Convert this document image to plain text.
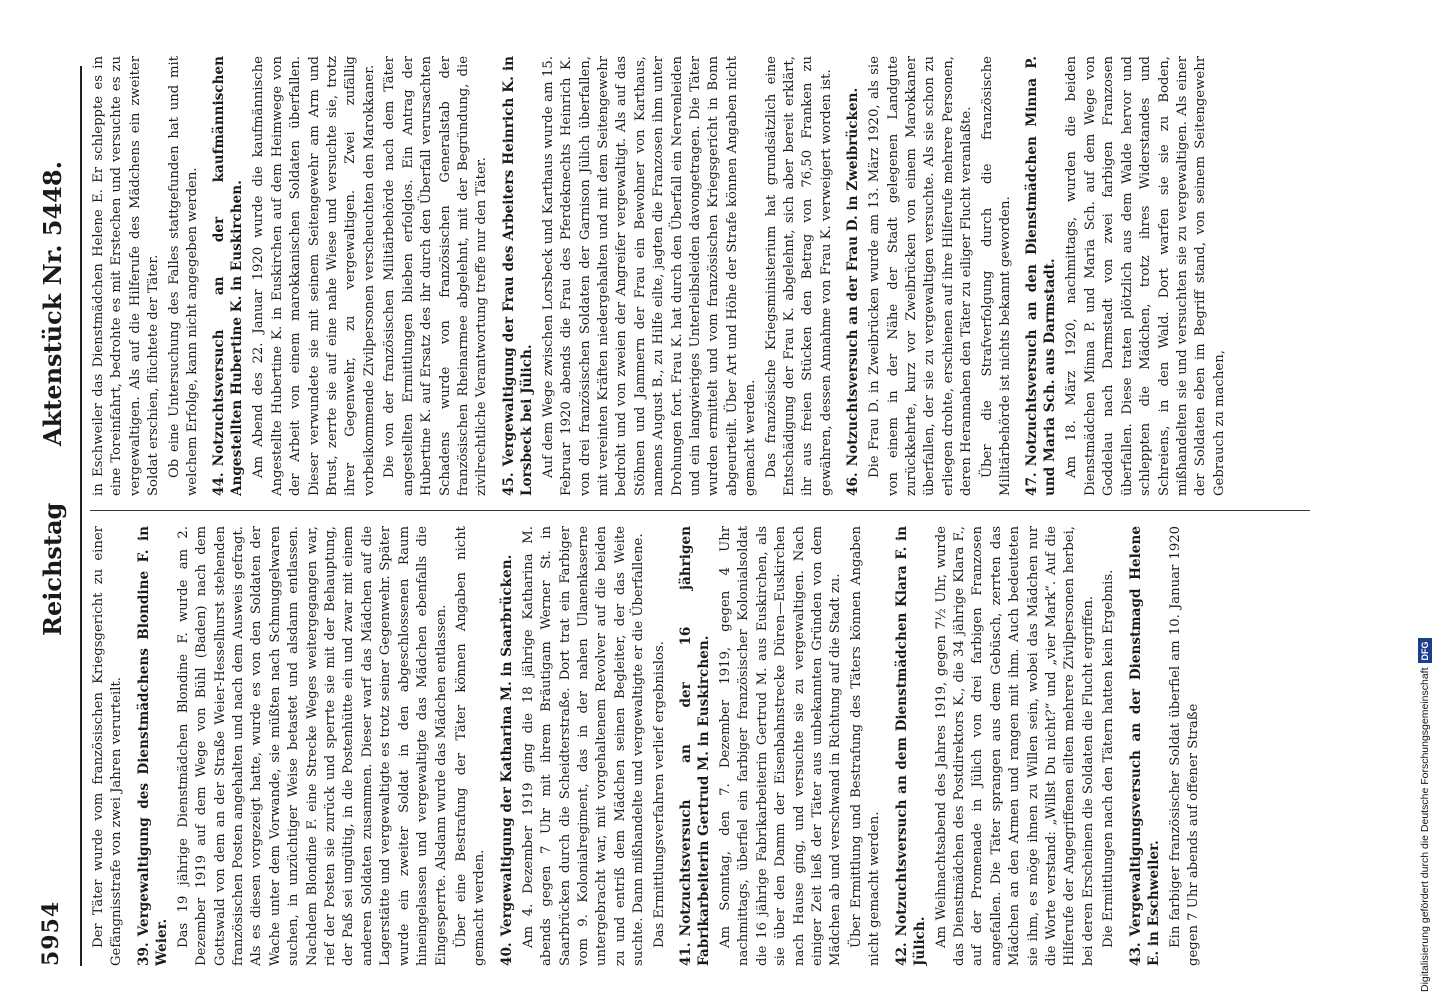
5954
Reichstag
Aktenstück Nr. 5448.

Der Täter wurde vom französischen Kriegsgericht zu einer Gefängnisstrafe von zwei Jahren verurteilt. 39.Vergewaltigung des Dienstmädchens Blondine F. in Weier. Das 19 jährige Dienstmädchen Blondine F. wurde am 2. Dezember 1919 auf dem Wege von Bühl (Baden) nach dem Gottswald von dem an der Straße Weier-Hesselhurst stehenden französischen Posten angehalten und nach dem Ausweis gefragt. Als es diesen vorgezeigt hatte, wurde es von den Soldaten der Wache unter dem Vorwande, sie müßten nach Schmuggelwaren suchen, in unzüchtiger Weise betastet und alsdann entlassen. Nachdem Blondine F. eine Strecke Weges weitergegangen war, rief der Posten sie zurück und sperrte sie mit der Behauptung, der Paß sei ungültig, in die Postenhütte ein und zwar mit einem anderen Soldaten zusammen. Dieser warf das Mädchen auf die Lagerstätte und vergewaltigte es trotz seiner Gegenwehr. Später wurde ein zweiter Soldat in den abgeschlossenen Raum hineingelassen und vergewaltigte das Mädchen ebenfalls die Eingesperrte. Alsdann wurde das Mädchen entlassen. Über eine Bestrafung der Täter können Angaben nicht gemacht werden. 40.Vergewaltigung der Katharina M. in Saarbrücken. Am 4. Dezember 1919 ging die 18 jährige Katharina M. abends gegen 7 Uhr mit ihrem Bräutigam Werner St. in Saarbrücken durch die Scheidterstraße. Dort trat ein Farbiger vom 9. Kolonialregiment, das in der nahen Ulanenkaserne untergebracht war, mit vorgehaltenem Revolver auf die beiden zu und entriß dem Mädchen seinen Begleiter, der das Weite suchte. Dann mißhandelte und vergewaltigte er die Überfallene. Das Ermittlungsverfahren verlief ergebnislos.

41.Notzuchtsversuch an der 16 jährigen Fabrikarbeiterin Gertrud M. in Euskirchen. Am Sonntag, den 7. Dezember 1919, gegen 4 Uhr nachmittags, überfiel ein farbiger französischer Kolonialsoldat die 16 jährige Fabrikarbeiterin Gertrud M. aus Euskirchen, als sie über den Damm der Eisenbahnstrecke Düren—Euskirchen nach Hause ging, und versuchte sie zu vergewaltigen. Nach einiger Zeit ließ der Täter aus unbekannten Gründen von dem Mädchen ab und verschwand in Richtung auf die Stadt zu. Über Ermittlung und Bestrafung des Täters können Angaben nicht gemacht werden. 42.Notzuchtsversuch an dem Dienstmädchen Klara F. in Jülich. Am Weihnachtsabend des Jahres 1919, gegen 7½ Uhr, wurde das Dienstmädchen des Postdirektors K., die 34 jährige Klara F., auf der Promenade in Jülich von drei farbigen Franzosen angefallen. Die Täter sprangen aus dem Gebüsch, zerrten das Mädchen an den Armen und rangen mit ihm. Auch bedeuteten sie ihm, es möge ihnen zu Willen sein, wobei das Mädchen nur die Worte verstand: „Willst Du nicht?“ und „vier Mark“. Auf die Hilferufe der Angegriffenen eilten mehrere Zivilpersonen herbei, bei deren Erscheinen die Soldaten die Flucht ergriffen. Die Ermittlungen nach den Tätern hatten kein Ergebnis.

43.Vergewaltigungsversuch an der Dienstmagd Helene E. in Eschweiler. Ein farbiger französischer Soldat überfiel am 10. Januar 1920 gegen 7 Uhr abends auf offener Straße

in Eschweiler das Dienstmädchen Helene E. Er schleppte es in eine Toreinfahrt, bedrohte es mit Erstechen und versuchte es zu vergewaltigen. Als auf die Hilferufe des Mädchens ein zweiter Soldat erschien, flüchtete der Täter. Ob eine Untersuchung des Falles stattgefunden hat und mit welchem Erfolge, kann nicht angegeben werden. 44.Notzuchtsversuch an der kaufmännischen Angestellten Hubertine K. in Euskirchen. Am Abend des 22. Januar 1920 wurde die kaufmännische Angestellte Hubertine K. in Euskirchen auf dem Heimwege von der Arbeit von einem marokkanischen Soldaten überfallen. Dieser verwundete sie mit seinem Seitengewehr am Arm und Brust, zerrte sie auf eine nahe Wiese und versuchte sie, trotz ihrer Gegenwehr, zu vergewaltigen. Zwei zufällig vorbeikommende Zivilpersonen verscheuchten den Marokkaner. Die von der französischen Militärbehörde nach dem Täter angestellten Ermittlungen blieben erfolglos. Ein Antrag der Hubertine K. auf Ersatz des ihr durch den Überfall verursachten Schadens wurde von französischen Generalstab der französischen Rheinarmee abgelehnt, mit der Begründung, die zivilrechtliche Verantwortung treffe nur den Täter. 45.Vergewaltigung der Frau des Arbeiters Heinrich K. in Lorsbeck bei Jülich. Auf dem Wege zwischen Lorsbeck und Karthaus wurde am 15. Februar 1920 abends die Frau des Pferdeknechts Heinrich K. von drei französischen Soldaten der Garnison Jülich überfallen, mit vereinten Kräften niedergehalten und mit dem Seitengewehr bedroht und von zweien der Angreifer vergewaltigt. Als auf das Stöhnen und Jammern der Frau ein Bewohner von Karthaus, namens August B., zu Hilfe eilte, jagten die Franzosen ihm unter Drohungen fort. Frau K. hat durch den Überfall ein Nervenleiden und ein langwieriges Unterleibsleiden davongetragen. Die Täter wurden ermittelt und vom französischen Kriegsgericht in Bonn abgeurteilt. Über Art und Höhe der Strafe können Angaben nicht gemacht werden. Das französische Kriegsministerium hat grundsätzlich eine Entschädigung der Frau K. abgelehnt, sich aber bereit erklärt, ihr aus freien Stücken den Betrag von 76,50 Franken zu gewähren, dessen Annahme von Frau K. verweigert worden ist. 46.Notzuchtsversuch an der Frau D. in Zweibrücken. Die Frau D. in Zweibrücken wurde am 13. März 1920, als sie von einem in der Nähe der Stadt gelegenen Landgute zurückkehrte, kurz vor Zweibrücken von einem Marokkaner überfallen, der sie zu vergewaltigen versuchte. Als sie schon zu erliegen drohte, erschienen auf ihre Hilferufe mehrere Personen, deren Herannahen den Täter zu eiliger Flucht veranlaßte. Über die Strafverfolgung durch die französische Militärbehörde ist nichts bekannt geworden. 47.Notzuchtsversuch an den Dienstmädchen Minna P. und Maria Sch. aus Darmstadt. Am 18. März 1920, nachmittags, wurden die beiden Dienstmädchen Minna P. und Maria Sch. auf dem Wege von Goddelau nach Darmstadt von zwei farbigen Franzosen überfallen. Diese traten plötzlich aus dem Walde hervor und schleppten die Mädchen, trotz ihres Widerstandes und Schreiens, in den Wald. Dort warfen sie sie zu Boden, mißhandelten sie und versuchten sie zu vergewaltigen. Als einer der Soldaten eben im Begriff stand, von seinem Seitengewehr Gebrauch zu machen,

Digitalisierung gefördert durch die Deutsche ForschungsgemeinschaftDFG
